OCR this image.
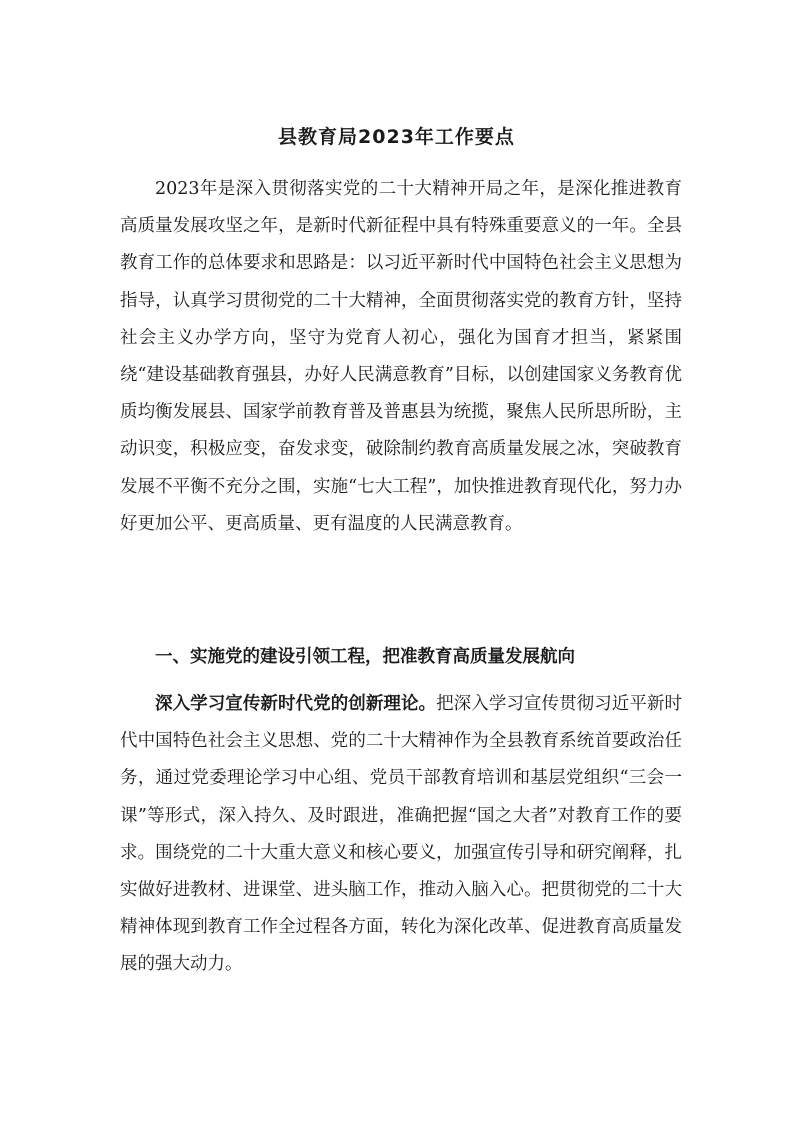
县教育局2023年工作要点

2023年是深入贯彻落实党的二十大精神开局之年，是深化推进教育高质量发展攻坚之年，是新时代新征程中具有特殊重要意义的一年。全县教育工作的总体要求和思路是：以习近平新时代中国特色社会主义思想为指导，认真学习贯彻党的二十大精神，全面贯彻落实党的教育方针，坚持社会主义办学方向，坚守为党育人初心，强化为国育才担当，紧紧围绕“建设基础教育强县，办好人民满意教育”目标，以创建国家义务教育优质均衡发展县、国家学前教育普及普惠县为统揽，聚焦人民所思所盼，主动识变，积极应变，奋发求变，破除制约教育高质量发展之冰，突破教育发展不平衡不充分之围，实施“七大工程”，加快推进教育现代化，努力办好更加公平、更高质量、更有温度的人民满意教育。

一、实施党的建设引领工程，把准教育高质量发展航向

深入学习宣传新时代党的创新理论。把深入学习宣传贯彻习近平新时代中国特色社会主义思想、党的二十大精神作为全县教育系统首要政治任务，通过党委理论学习中心组、党员干部教育培训和基层党组织“三会一课”等形式，深入持久、及时跟进，准确把握“国之大者”对教育工作的要求。围绕党的二十大重大意义和核心要义，加强宣传引导和研究阐释，扎实做好进教材、进课堂、进头脑工作，推动入脑入心。把贯彻党的二十大精神体现到教育工作全过程各方面，转化为深化改革、促进教育高质量发展的强大动力。
